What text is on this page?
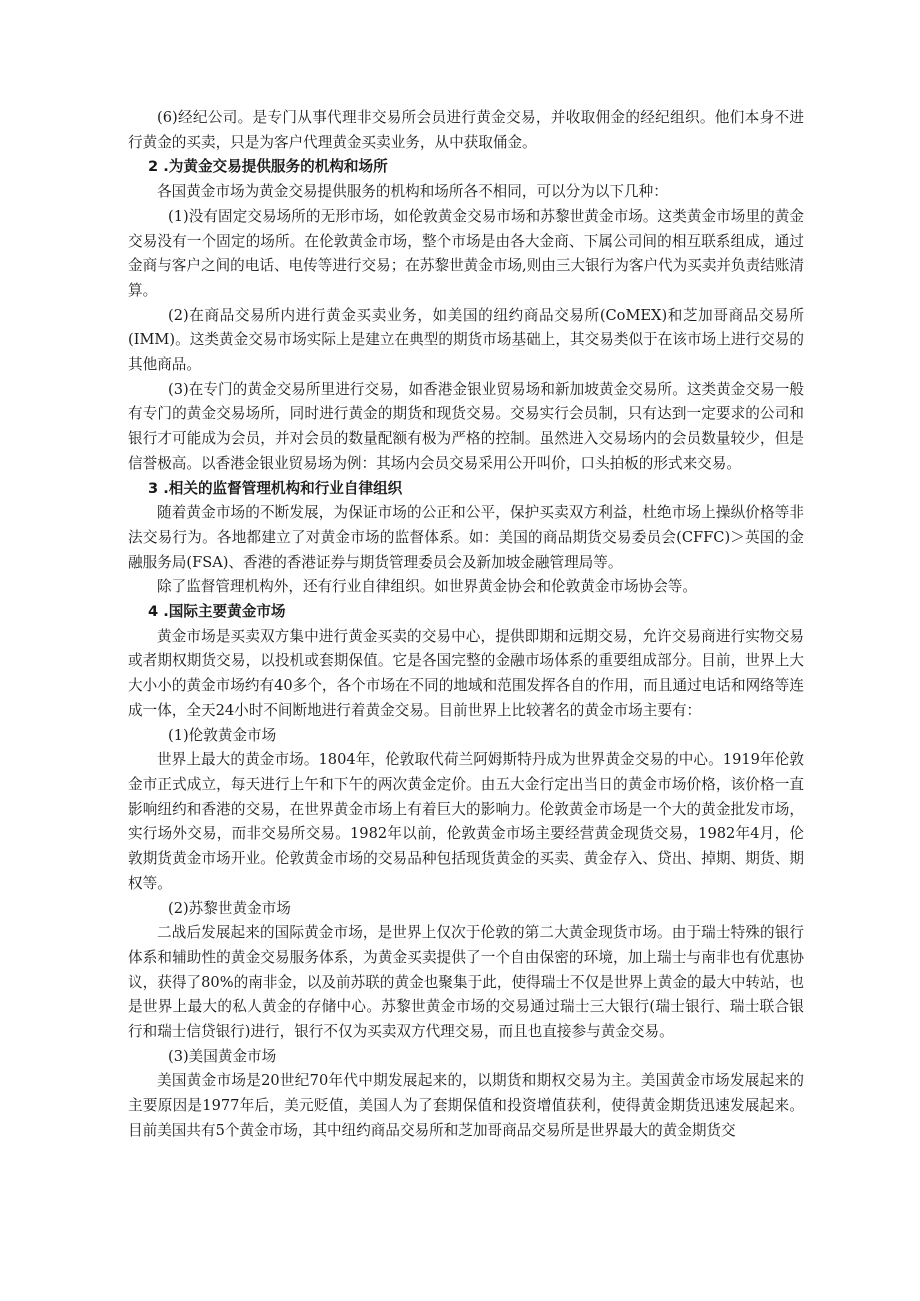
(6)经纪公司。是专门从事代理非交易所会员进行黄金交易，并收取佣金的经纪组织。他们本身不进行黄金的买卖，只是为客户代理黄金买卖业务，从中获取俑金。

2 .为黄金交易提供服务的机构和场所

各国黄金市场为黄金交易提供服务的机构和场所各不相同，可以分为以下几种：

(1)没有固定交易场所的无形市场，如伦敦黄金交易市场和苏黎世黄金市场。这类黄金市场里的黄金交易没有一个固定的场所。在伦敦黄金市场，整个市场是由各大金商、下属公司间的相互联系组成，通过金商与客户之间的电话、电传等进行交易；在苏黎世黄金市场,则由三大银行为客户代为买卖并负责结账清算。

(2)在商品交易所内进行黄金买卖业务，如美国的纽约商品交易所(CoMEX)和芝加哥商品交易所(IMM)。这类黄金交易市场实际上是建立在典型的期货市场基础上，其交易类似于在该市场上进行交易的其他商品。

(3)在专门的黄金交易所里进行交易，如香港金银业贸易场和新加坡黄金交易所。这类黄金交易一般有专门的黄金交易场所，同时进行黄金的期货和现货交易。交易实行会员制，只有达到一定要求的公司和银行才可能成为会员，并对会员的数量配额有极为严格的控制。虽然进入交易场内的会员数量较少，但是信誉极高。以香港金银业贸易场为例：其场内会员交易采用公开叫价，口头拍板的形式来交易。

3 .相关的监督管理机构和行业自律组织

随着黄金市场的不断发展，为保证市场的公正和公平，保护买卖双方利益，杜绝市场上操纵价格等非法交易行为。各地都建立了对黄金市场的监督体系。如：美国的商品期货交易委员会(CFFC)＞英国的金融服务局(FSA)、香港的香港证券与期货管理委员会及新加坡金融管理局等。

除了监督管理机构外，还有行业自律组织。如世界黄金协会和伦敦黄金市场协会等。

4 .国际主要黄金市场

黄金市场是买卖双方集中进行黄金买卖的交易中心，提供即期和远期交易，允许交易商进行实物交易或者期权期货交易，以投机或套期保值。它是各国完整的金融市场体系的重要组成部分。目前，世界上大大小小的黄金市场约有40多个，各个市场在不同的地域和范围发挥各自的作用，而且通过电话和网络等连成一体，全天24小时不间断地进行着黄金交易。目前世界上比较著名的黄金市场主要有：

(1)伦敦黄金市场

世界上最大的黄金市场。1804年，伦敦取代荷兰阿姆斯特丹成为世界黄金交易的中心。1919年伦敦金市正式成立，每天进行上午和下午的两次黄金定价。由五大金行定出当日的黄金市场价格，该价格一直影响纽约和香港的交易，在世界黄金市场上有着巨大的影响力。伦敦黄金市场是一个大的黄金批发市场，实行场外交易，而非交易所交易。1982年以前，伦敦黄金市场主要经营黄金现货交易，1982年4月，伦敦期货黄金市场开业。伦敦黄金市场的交易品种包括现货黄金的买卖、黄金存入、贷出、掉期、期货、期权等。

(2)苏黎世黄金市场

二战后发展起来的国际黄金市场，是世界上仅次于伦敦的第二大黄金现货市场。由于瑞士特殊的银行体系和辅助性的黄金交易服务体系，为黄金买卖提供了一个自由保密的环境，加上瑞士与南非也有优惠协议，获得了80%的南非金，以及前苏联的黄金也聚集于此，使得瑞士不仅是世界上黄金的最大中转站，也是世界上最大的私人黄金的存储中心。苏黎世黄金市场的交易通过瑞士三大银行(瑞士银行、瑞士联合银行和瑞士信贷银行)进行，银行不仅为买卖双方代理交易，而且也直接参与黄金交易。

(3)美国黄金市场

美国黄金市场是20世纪70年代中期发展起来的，以期货和期权交易为主。美国黄金市场发展起来的主要原因是1977年后，美元贬值，美国人为了套期保值和投资增值获利，使得黄金期货迅速发展起来。目前美国共有5个黄金市场，其中纽约商品交易所和芝加哥商品交易所是世界最大的黄金期货交
